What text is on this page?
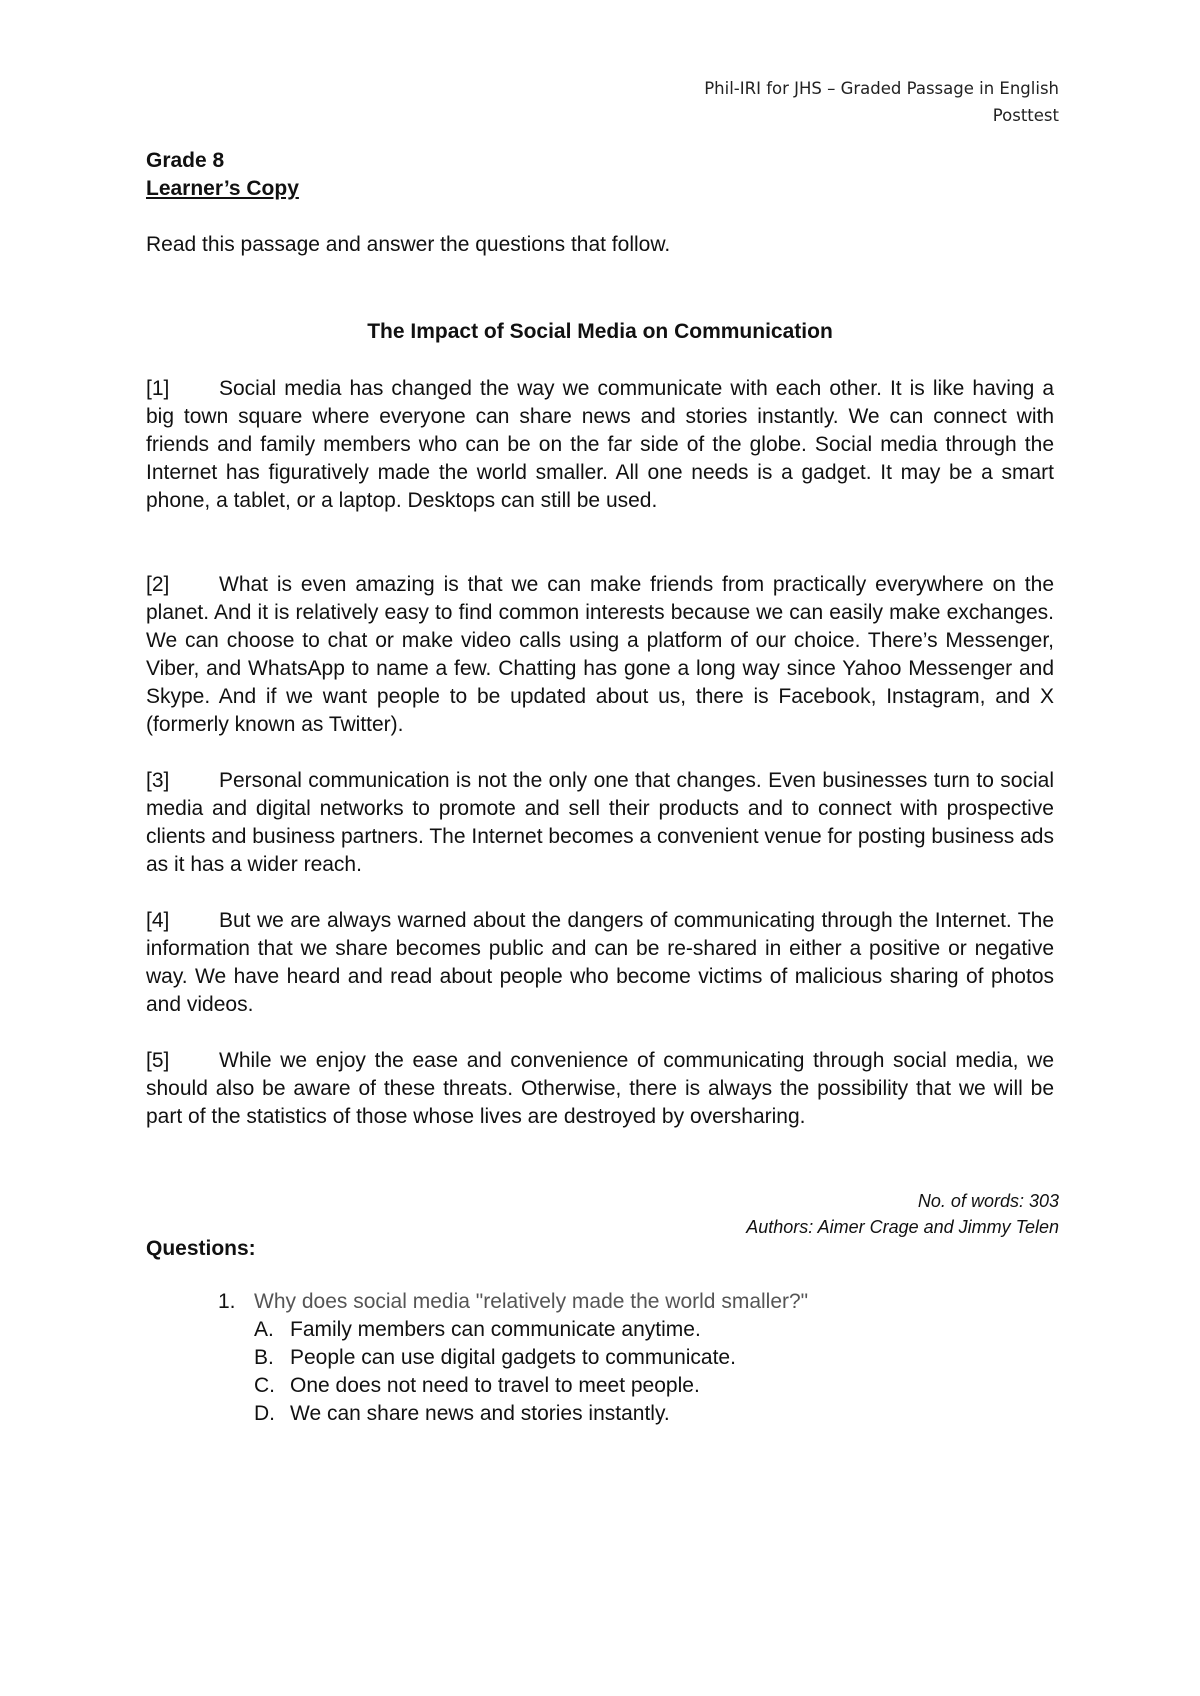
Phil-IRI for JHS – Graded Passage in English
Posttest
Grade 8
Learner’s Copy
Read this passage and answer the questions that follow.
The Impact of Social Media on Communication
[1] Social media has changed the way we communicate with each other. It is like having a big town square where everyone can share news and stories instantly. We can connect with friends and family members who can be on the far side of the globe. Social media through the Internet has figuratively made the world smaller. All one needs is a gadget. It may be a smart phone, a tablet, or a laptop. Desktops can still be used.
[2] What is even amazing is that we can make friends from practically everywhere on the planet. And it is relatively easy to find common interests because we can easily make exchanges. We can choose to chat or make video calls using a platform of our choice. There’s Messenger, Viber, and WhatsApp to name a few. Chatting has gone a long way since Yahoo Messenger and Skype. And if we want people to be updated about us, there is Facebook, Instagram, and X (formerly known as Twitter).
[3] Personal communication is not the only one that changes. Even businesses turn to social media and digital networks to promote and sell their products and to connect with prospective clients and business partners. The Internet becomes a convenient venue for posting business ads as it has a wider reach.
[4] But we are always warned about the dangers of communicating through the Internet. The information that we share becomes public and can be re-shared in either a positive or negative way. We have heard and read about people who become victims of malicious sharing of photos and videos.
[5] While we enjoy the ease and convenience of communicating through social media, we should also be aware of these threats. Otherwise, there is always the possibility that we will be part of the statistics of those whose lives are destroyed by oversharing.
No. of words: 303
Authors: Aimer Crage and Jimmy Telen
Questions:
1. Why does social media "relatively made the world smaller?"
A. Family members can communicate anytime.
B. People can use digital gadgets to communicate.
C. One does not need to travel to meet people.
D. We can share news and stories instantly.
